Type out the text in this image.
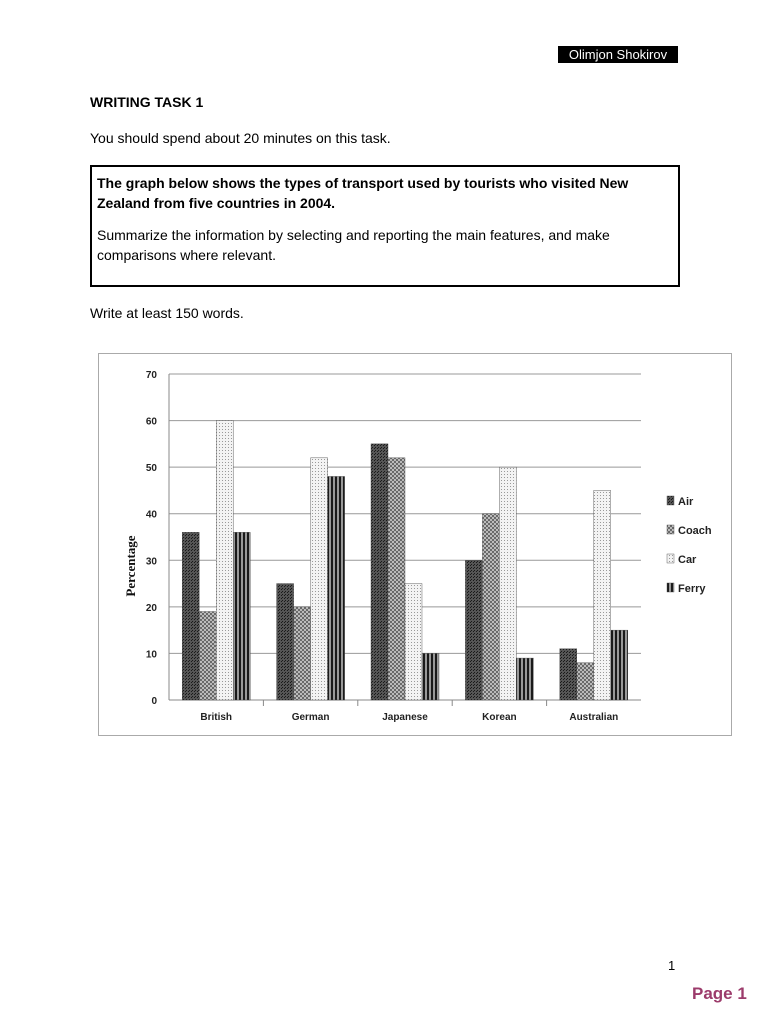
Olimjon Shokirov
WRITING TASK 1
You should spend about 20 minutes on this task.
The graph below shows the types of transport used by tourists who visited New Zealand from five countries in 2004.
Summarize the information by selecting and reporting the main features, and make comparisons where relevant.
Write at least 150 words.
0
10
20
30
40
50
60
70
British	German	Japanese	Korean	Australian
Air
Coach
Car
Ferry
Percentage
1
Page 1
